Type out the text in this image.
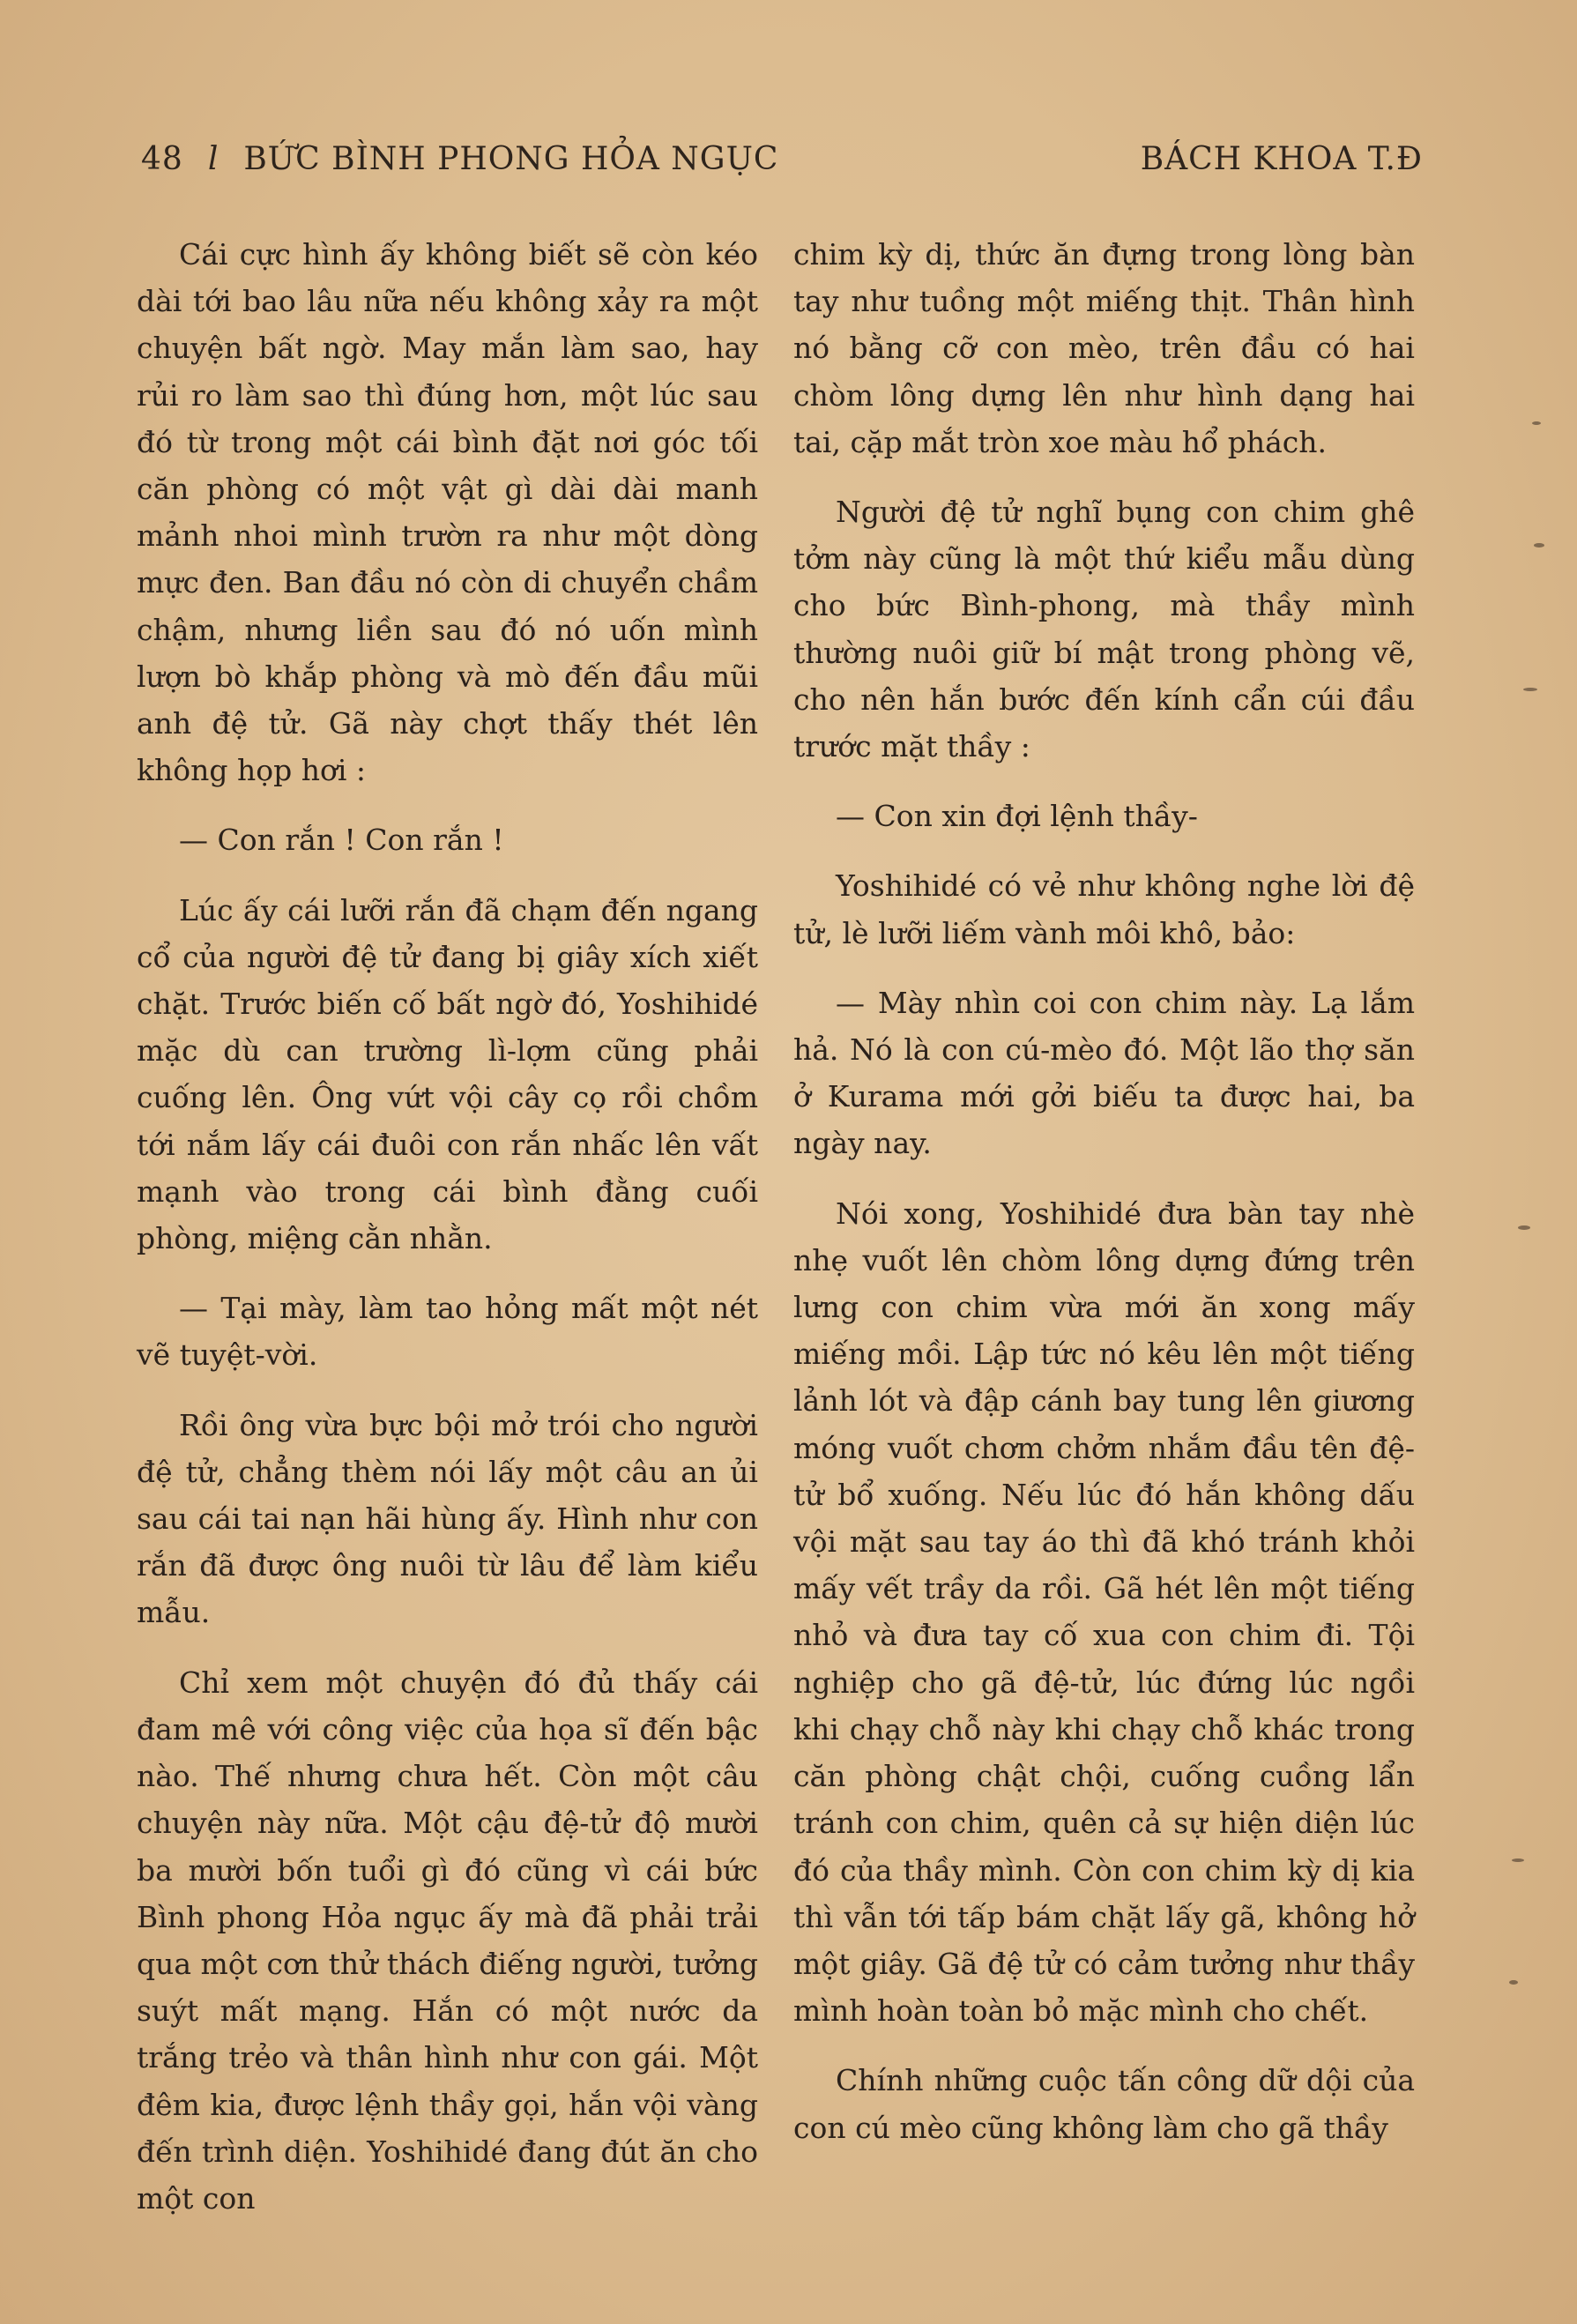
48 l BỨC BÌNH PHONG HỎA NGỤC	BÁCH KHOA T.Đ

Cái cực hình ấy không biết sẽ còn kéo dài tới bao lâu nữa nếu không xảy ra một chuyện bất ngờ. May mắn làm sao, hay rủi ro làm sao thì đúng hơn, một lúc sau đó từ trong một cái bình đặt nơi góc tối căn phòng có một vật gì dài dài manh mảnh nhoi mình trườn ra như một dòng mực đen. Ban đầu nó còn di chuyển chầm chậm, nhưng liền sau đó nó uốn mình lượn bò khắp phòng và mò đến đầu mũi anh đệ tử. Gã này chợt thấy thét lên không họp hơi :

— Con rắn ! Con rắn !

Lúc ấy cái lưỡi rắn đã chạm đến ngang cổ của người đệ tử đang bị giây xích xiết chặt. Trước biến cố bất ngờ đó, Yoshihidé mặc dù can trường lì-lợm cũng phải cuống lên. Ông vứt vội cây cọ rồi chồm tới nắm lấy cái đuôi con rắn nhấc lên vất mạnh vào trong cái bình đằng cuối phòng, miệng cằn nhằn.

— Tại mày, làm tao hỏng mất một nét vẽ tuyệt-vời.

Rồi ông vừa bực bội mở trói cho người đệ tử, chẳng thèm nói lấy một câu an ủi sau cái tai nạn hãi hùng ấy. Hình như con rắn đã được ông nuôi từ lâu để làm kiểu mẫu.

Chỉ xem một chuyện đó đủ thấy cái đam mê với công việc của họa sĩ đến bậc nào. Thế nhưng chưa hết. Còn một câu chuyện này nữa. Một cậu đệ-tử độ mười ba mười bốn tuổi gì đó cũng vì cái bức Bình phong Hỏa ngục ấy mà đã phải trải qua một cơn thử thách điếng người, tưởng suýt mất mạng. Hắn có một nước da trắng trẻo và thân hình như con gái. Một đêm kia, được lệnh thầy gọi, hắn vội vàng đến trình diện. Yoshihidé đang đút ăn cho một con

chim kỳ dị, thức ăn đựng trong lòng bàn tay như tuồng một miếng thịt. Thân hình nó bằng cỡ con mèo, trên đầu có hai chòm lông dựng lên như hình dạng hai tai, cặp mắt tròn xoe màu hổ phách.

Người đệ tử nghĩ bụng con chim ghê tởm này cũng là một thứ kiểu mẫu dùng cho bức Bình-phong, mà thầy mình thường nuôi giữ bí mật trong phòng vẽ, cho nên hắn bước đến kính cẩn cúi đầu trước mặt thầy :

— Con xin đợi lệnh thầy-

Yoshihidé có vẻ như không nghe lời đệ tử, lè lưỡi liếm vành môi khô, bảo:

— Mày nhìn coi con chim này. Lạ lắm hả. Nó là con cú-mèo đó. Một lão thợ săn ở Kurama mới gởi biếu ta được hai, ba ngày nay.

Nói xong, Yoshihidé đưa bàn tay nhè nhẹ vuốt lên chòm lông dựng đứng trên lưng con chim vừa mới ăn xong mấy miếng mồi. Lập tức nó kêu lên một tiếng lảnh lót và đập cánh bay tung lên giương móng vuốt chơm chởm nhắm đầu tên đệ-tử bổ xuống. Nếu lúc đó hắn không dấu vội mặt sau tay áo thì đã khó tránh khỏi mấy vết trầy da rồi. Gã hét lên một tiếng nhỏ và đưa tay cố xua con chim đi. Tội nghiệp cho gã đệ-tử, lúc đứng lúc ngồi khi chạy chỗ này khi chạy chỗ khác trong căn phòng chật chội, cuống cuồng lẩn tránh con chim, quên cả sự hiện diện lúc đó của thầy mình. Còn con chim kỳ dị kia thì vẫn tới tấp bám chặt lấy gã, không hở một giây. Gã đệ tử có cảm tưởng như thầy mình hoàn toàn bỏ mặc mình cho chết.

Chính những cuộc tấn công dữ dội của con cú mèo cũng không làm cho gã thầy
